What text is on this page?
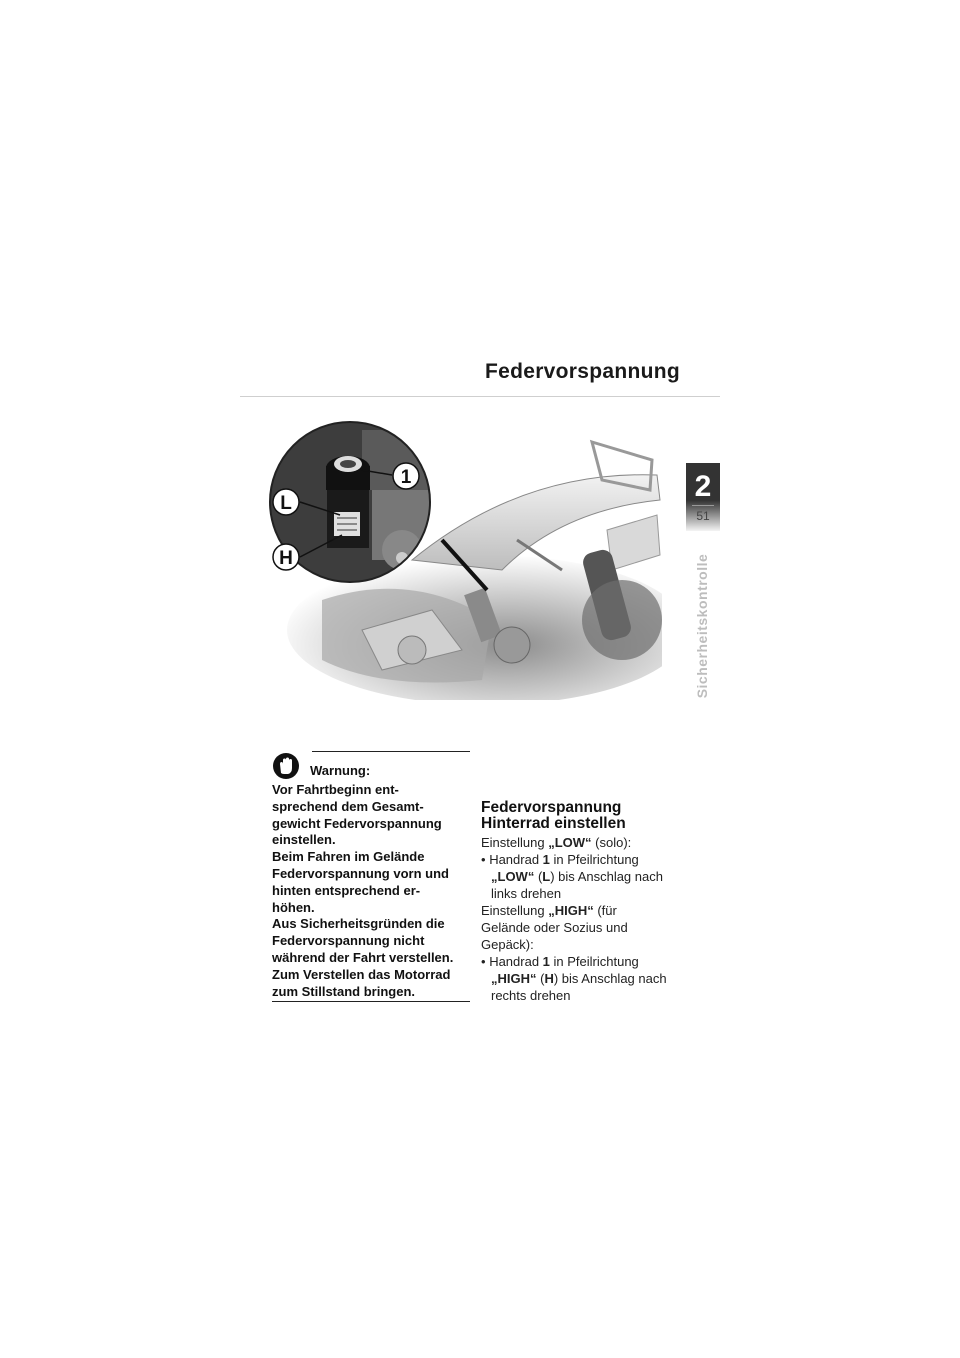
Federvorspannung
2
51
Sicherheitskontrolle
1
L
H
Warnung:
Vor Fahrtbeginn ent-
sprechend dem Gesamt-
gewicht Federvorspannung
einstellen.
Beim Fahren im Gelände
Federvorspannung vorn und
hinten entsprechend er-
höhen.
Aus Sicherheitsgründen die
Federvorspannung nicht
während der Fahrt verstellen.
Zum Verstellen das Motorrad
zum Stillstand bringen.
Federvorspannung
Hinterrad einstellen
Einstellung „LOW“ (solo):
• Handrad 1 in Pfeilrichtung
„LOW“ (L) bis Anschlag nach
links drehen
Einstellung „HIGH“ (für
Gelände oder Sozius und
Gepäck):
• Handrad 1 in Pfeilrichtung
„HIGH“ (H) bis Anschlag nach
rechts drehen
